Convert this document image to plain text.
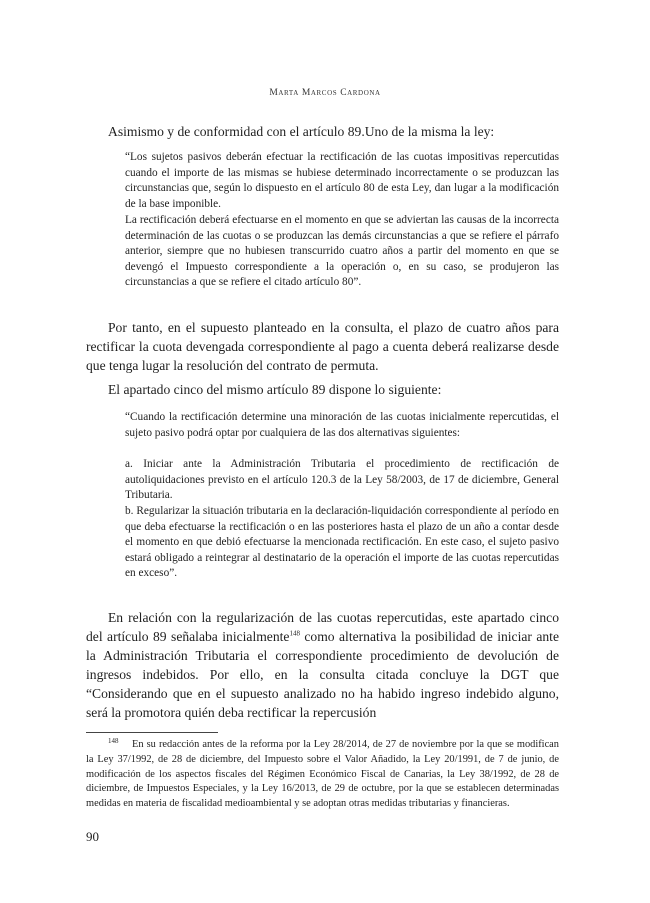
Marta Marcos Cardona

Asimismo y de conformidad con el artículo 89.Uno de la misma la ley:

“Los sujetos pasivos deberán efectuar la rectificación de las cuotas impositivas repercutidas cuando el importe de las mismas se hubiese determinado incorrectamente o se produzcan las circunstancias que, según lo dispuesto en el artículo 80 de esta Ley, dan lugar a la modificación de la base imponible.

La rectificación deberá efectuarse en el momento en que se adviertan las causas de la incorrecta determinación de las cuotas o se produzcan las demás circunstancias a que se refiere el párrafo anterior, siempre que no hubiesen transcurrido cuatro años a partir del momento en que se devengó el Impuesto correspondiente a la operación o, en su caso, se produjeron las circunstancias a que se refiere el citado artículo 80”.

Por tanto, en el supuesto planteado en la consulta, el plazo de cuatro años para rectificar la cuota devengada correspondiente al pago a cuenta deberá realizarse desde que tenga lugar la resolución del contrato de permuta.

El apartado cinco del mismo artículo 89 dispone lo siguiente:

“Cuando la rectificación determine una minoración de las cuotas inicialmente repercutidas, el sujeto pasivo podrá optar por cualquiera de las dos alternativas siguientes:

a. Iniciar ante la Administración Tributaria el procedimiento de rectificación de autoliquidaciones previsto en el artículo 120.3 de la Ley 58/2003, de 17 de diciembre, General Tributaria.

b. Regularizar la situación tributaria en la declaración-liquidación correspondiente al período en que deba efectuarse la rectificación o en las posteriores hasta el plazo de un año a contar desde el momento en que debió efectuarse la mencionada rectificación. En este caso, el sujeto pasivo estará obligado a reintegrar al destinatario de la operación el importe de las cuotas repercutidas en exceso”.

En relación con la regularización de las cuotas repercutidas, este apartado cinco del artículo 89 señalaba inicialmente$^{148}$ como alternativa la posibilidad de iniciar ante la Administración Tributaria el correspondiente procedimiento de devolución de ingresos indebidos. Por ello, en la consulta citada concluye la DGT que “Considerando que en el supuesto analizado no ha habido ingreso indebido alguno, será la promotora quién deba rectificar la repercusión

$^{148}$ En su redacción antes de la reforma por la Ley 28/2014, de 27 de noviembre por la que se modifican la Ley 37/1992, de 28 de diciembre, del Impuesto sobre el Valor Añadido, la Ley 20/1991, de 7 de junio, de modificación de los aspectos fiscales del Régimen Económico Fiscal de Canarias, la Ley 38/1992, de 28 de diciembre, de Impuestos Especiales, y la Ley 16/2013, de 29 de octubre, por la que se establecen determinadas medidas en materia de fiscalidad medioambiental y se adoptan otras medidas tributarias y financieras.

90
